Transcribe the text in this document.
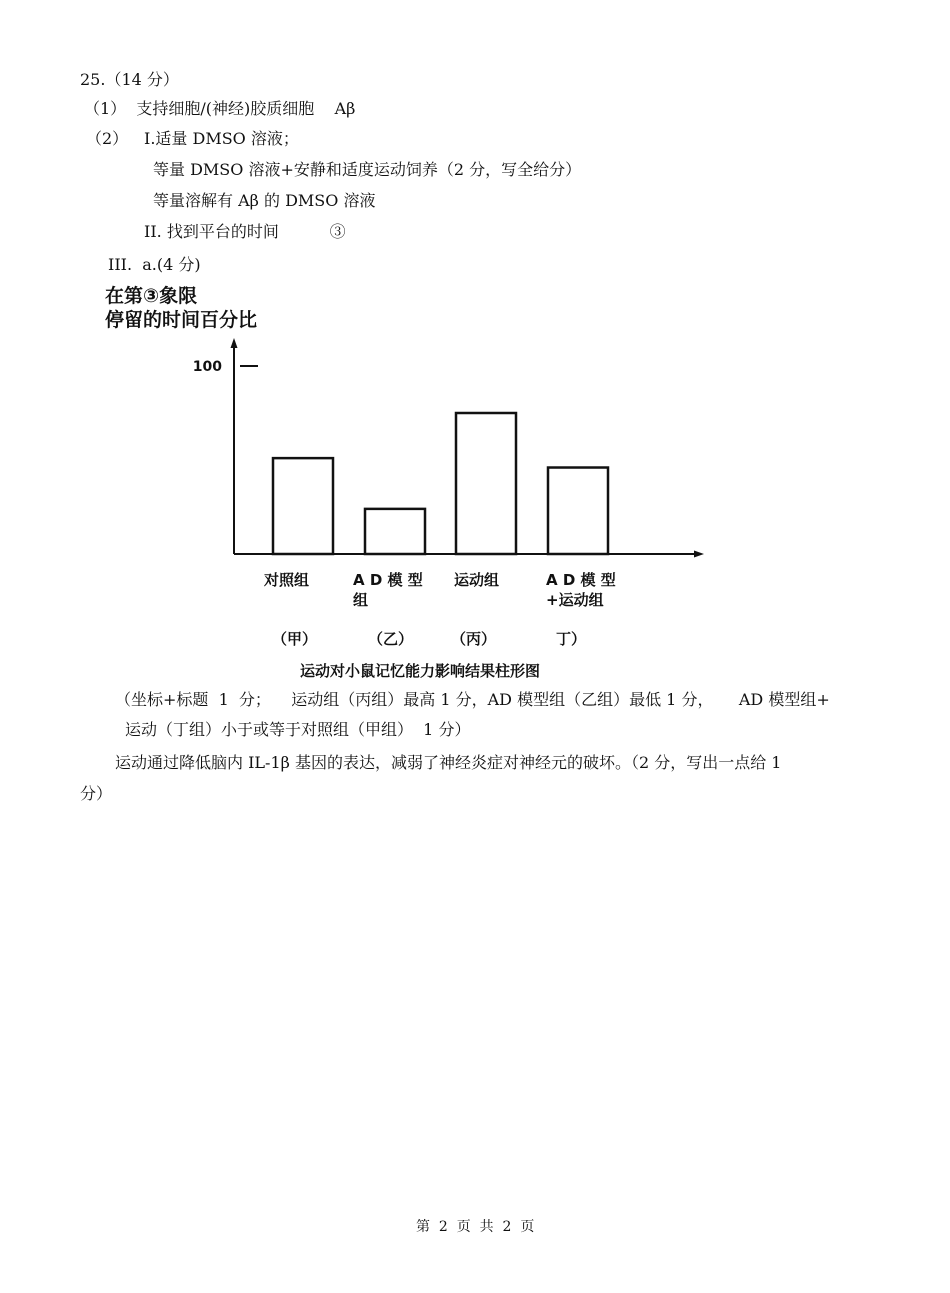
25.（14 分）
（1）  支持细胞/(神经)胶质细胞    Aβ
（2） I.适量 DMSO 溶液；
等量 DMSO 溶液+安静和适度运动饲养（2 分，写全给分）
等量溶解有 Aβ 的 DMSO 溶液
II. 找到平台的时间          ③
III.  a.(4 分)
在第③象限
停留的时间百分比
100
对照组
（甲）
A D 模 型
组
（乙）
运动组
（丙）
A D 模 型
+运动组
丁）
运动对小鼠记忆能力影响结果柱形图
（坐标+标题  1  分；    运动组（丙组）最高 1 分，AD 模型组（乙组）最低 1 分，     AD 模型组+
运动（丁组）小于或等于对照组（甲组）  1 分）
运动通过降低脑内 IL-1β 基因的表达，减弱了神经炎症对神经元的破坏。（2 分，写出一点给 1
分）
第  2  页  共  2  页
